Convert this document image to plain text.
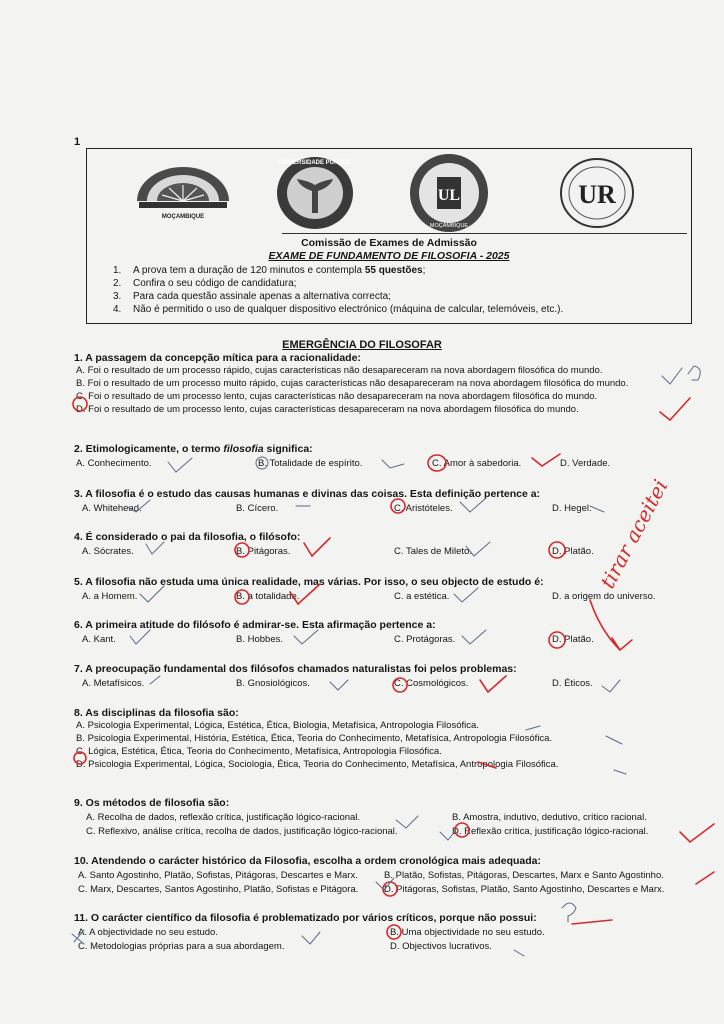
1
MOÇAMBIQUE
UNIVERSIDADE PÚNGUÈ
UL
MOÇAMBIQUE
UR
Comissão de Exames de Admissão
EXAME DE FUNDAMENTO DE FILOSOFIA - 2025
1. A prova tem a duração de 120 minutos e contempla 55 questões;
2. Confira o seu código de candidatura;
3. Para cada questão assinale apenas a alternativa correcta;
4. Não é permitido o uso de qualquer dispositivo electrónico (máquina de calcular, telemóveis, etc.).
EMERGÊNCIA DO FILOSOFAR
1. A passagem da concepção mítica para a racionalidade:
A. Foi o resultado de um processo rápido, cujas características não desapareceram na nova abordagem filosófica do mundo.
B. Foi o resultado de um processo muito rápido, cujas características não desapareceram na nova abordagem filosófica do mundo.
C. Foi o resultado de um processo lento, cujas características não desapareceram na nova abordagem filosófica do mundo.
D. Foi o resultado de um processo lento, cujas características desapareceram na nova abordagem filosófica do mundo.
2. Etimologicamente, o termo filosofia significa:
A. Conhecimento.	B. Totalidade de espírito.	C. Amor à sabedoria.	D. Verdade.
3. A filosofia é o estudo das causas humanas e divinas das coisas. Esta definição pertence a:
A. Whitehead.	B. Cícero.	C. Aristóteles.	D. Hegel.
4. É considerado o pai da filosofia, o filósofo:
A. Sócrates.	B. Pitágoras.	C. Tales de Mileto.	D. Platão.
5. A filosofia não estuda uma única realidade, mas várias. Por isso, o seu objecto de estudo é:
A. a Homem.	B. a totalidade.	C. a estética.	D. a origem do universo.
6. A primeira atitude do filósofo é admirar-se. Esta afirmação pertence a:
A. Kant.	B. Hobbes.	C. Protágoras.	D. Platão.
7. A preocupação fundamental dos filósofos chamados naturalistas foi pelos problemas:
A. Metafísicos.	B. Gnosiológicos.	C. Cosmológicos.	D. Éticos.
8. As disciplinas da filosofia são:
A. Psicologia Experimental, Lógica, Estética, Ética, Biologia, Metafísica, Antropologia Filosófica.
B. Psicologia Experimental, História, Estética, Ética, Teoria do Conhecimento, Metafísica, Antropologia Filosófica.
C. Lógica, Estética, Ética, Teoria do Conhecimento, Metafísica, Antropologia Filosófica.
D. Psicologia Experimental, Lógica, Sociologia, Ética, Teoria do Conhecimento, Metafísica, Antropologia Filosófica.
9. Os métodos de filosofia são:
A. Recolha de dados, reflexão crítica, justificação lógico-racional.	B. Amostra, indutivo, dedutivo, crítico racional.
C. Reflexivo, análise crítica, recolha de dados, justificação lógico-racional.	D. Reflexão crítica, justificação lógico-racional.
10. Atendendo o carácter histórico da Filosofia, escolha a ordem cronológica mais adequada:
A. Santo Agostinho, Platão, Sofistas, Pitágoras, Descartes e Marx.	B. Platão, Sofistas, Pitágoras, Descartes, Marx e Santo Agostinho.
C. Marx, Descartes, Santos Agostinho, Platão, Sofistas e Pitágora.	D. Pitágoras, Sofistas, Platão, Santo Agostinho, Descartes e Marx.
11. O carácter científico da filosofia é problematizado por vários críticos, porque não possui:
A. A objectividade no seu estudo.	B. Uma objectividade no seu estudo.
C. Metodologias próprias para a sua abordagem.	D. Objectivos lucrativos.
tirar aceitei
